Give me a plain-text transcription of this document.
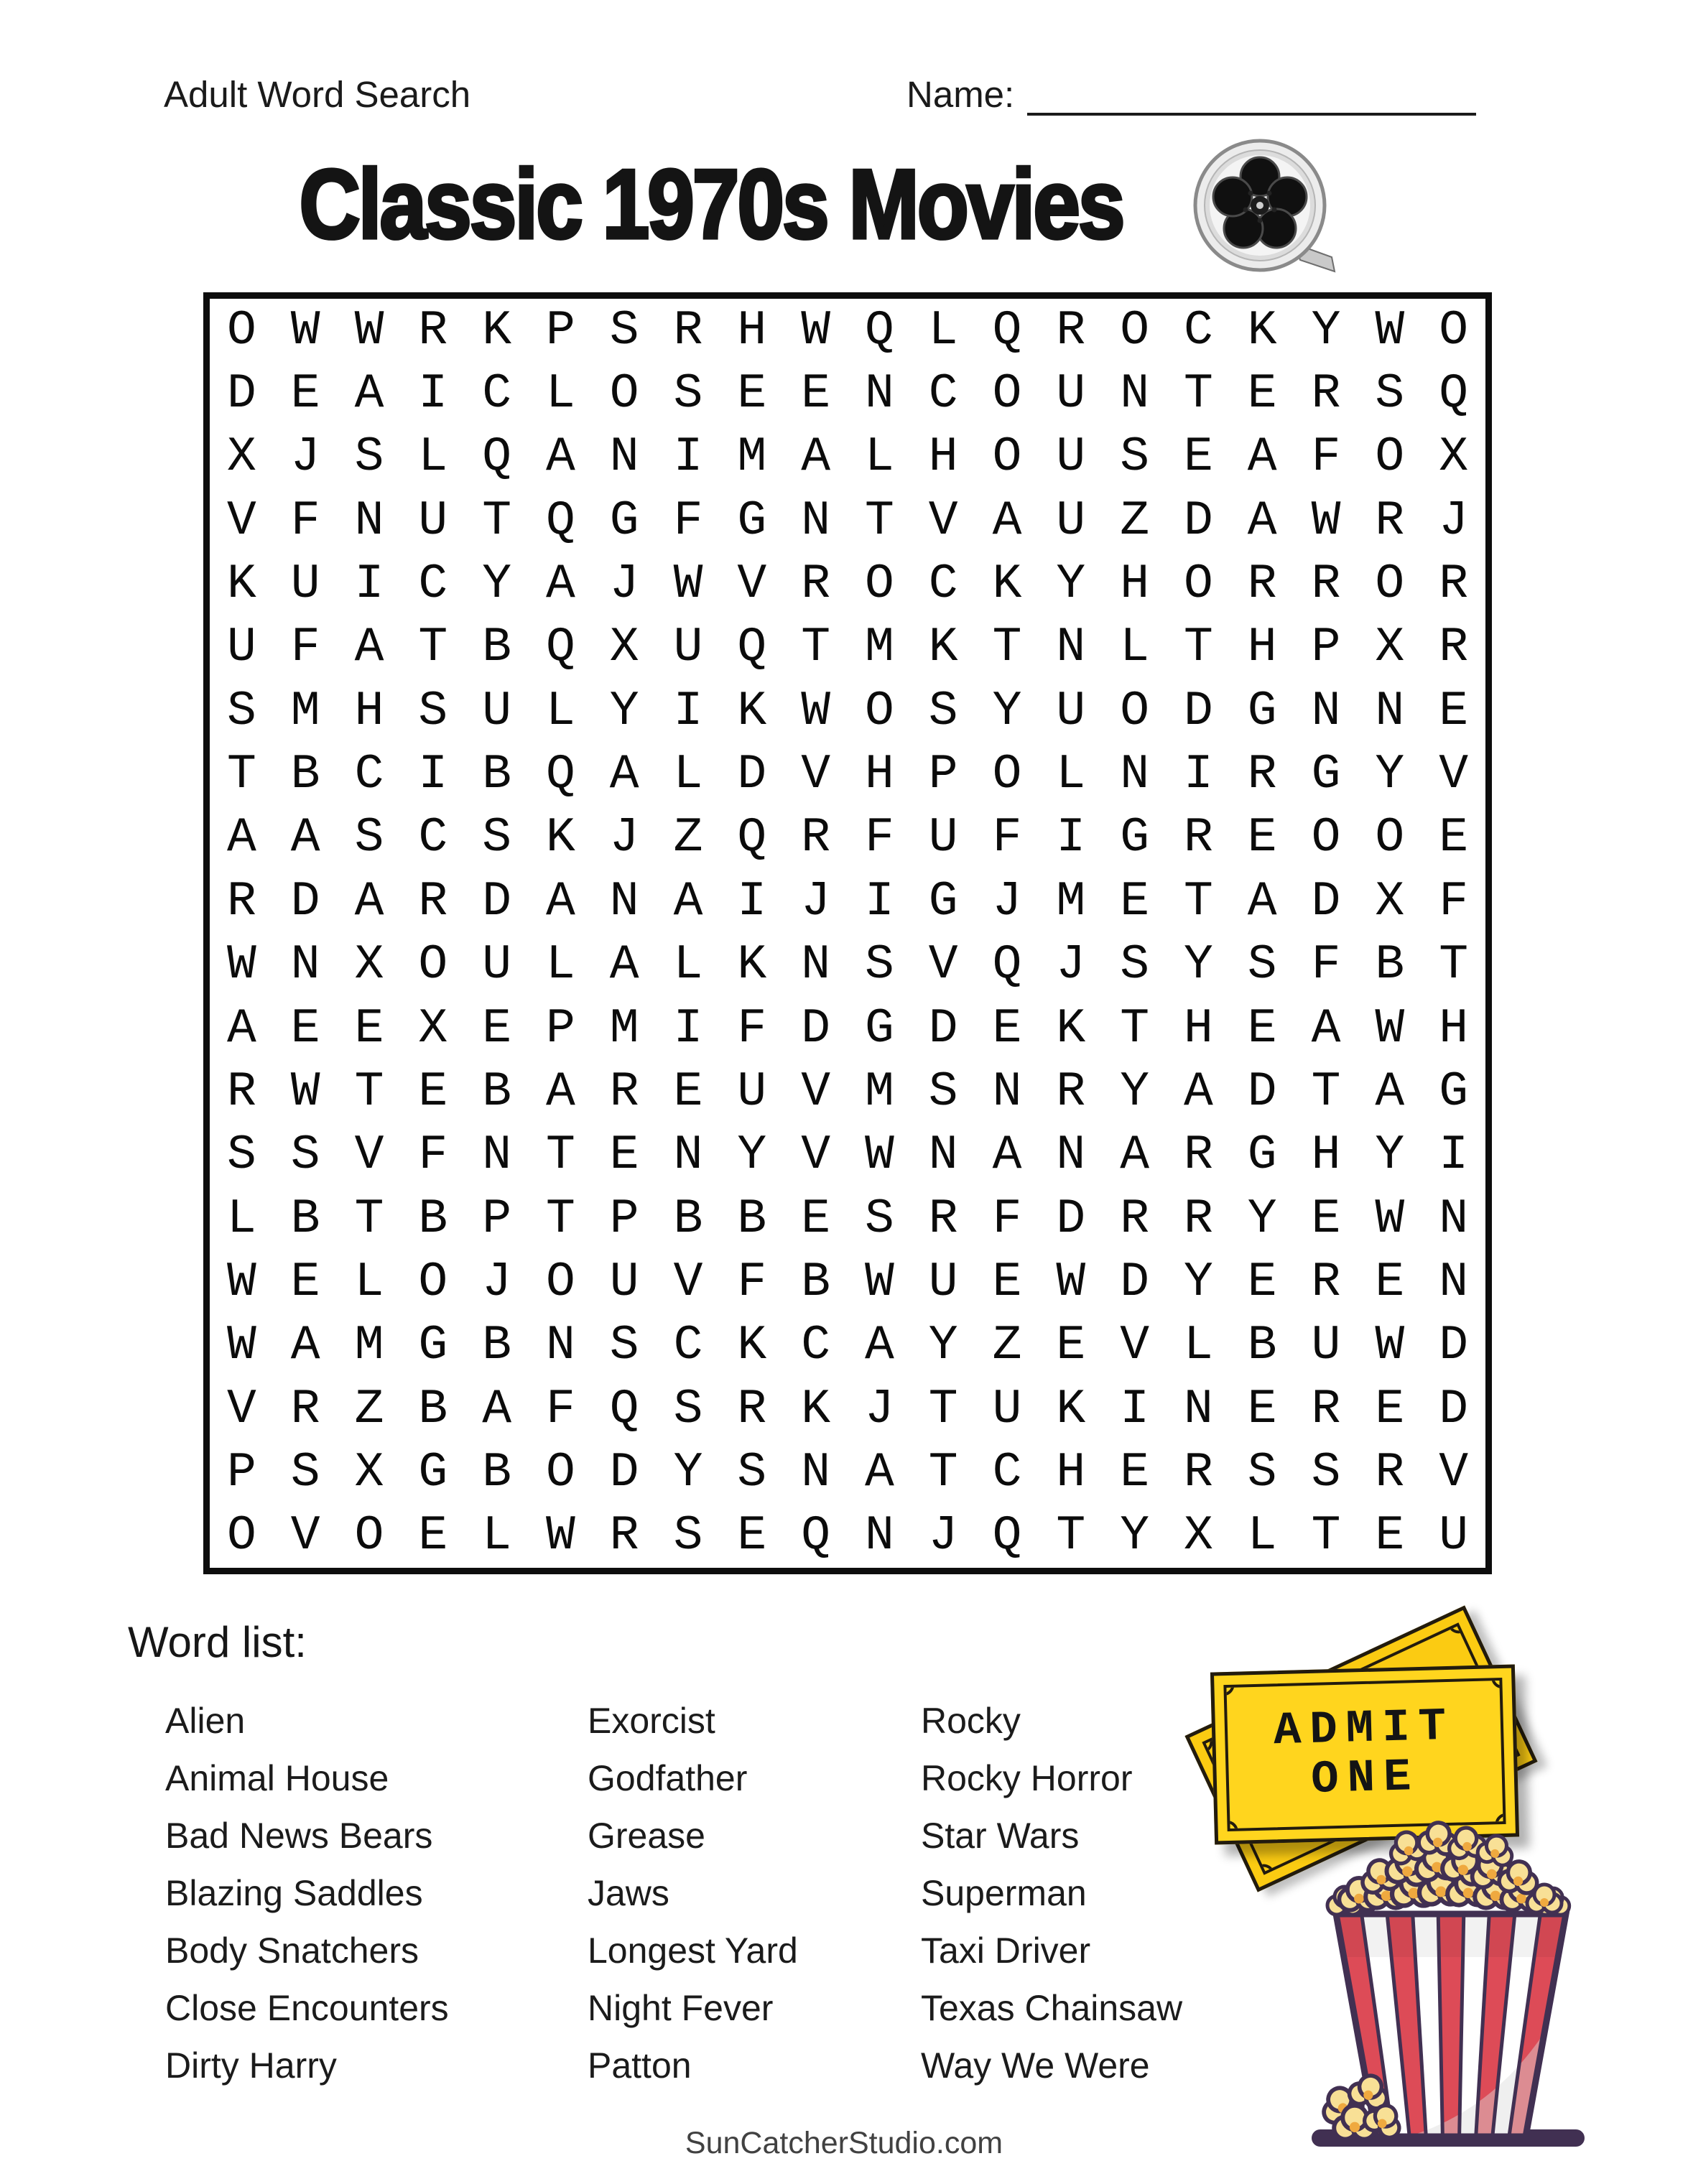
Adult Word Search	Name:
Classic 1970s Movies
O W W R K P S R H W Q L Q R O C K Y W O
D E A I C L O S E E N C O U N T E R S Q
X J S L Q A N I M A L H O U S E A F O X
V F N U T Q G F G N T V A U Z D A W R J
K U I C Y A J W V R O C K Y H O R R O R
U F A T B Q X U Q T M K T N L T H P X R
S M H S U L Y I K W O S Y U O D G N N E
T B C I B Q A L D V H P O L N I R G Y V
A A S C S K J Z Q R F U F I G R E O O E
R D A R D A N A I J I G J M E T A D X F
W N X O U L A L K N S V Q J S Y S F B T
A E E X E P M I F D G D E K T H E A W H
R W T E B A R E U V M S N R Y A D T A G
S S V F N T E N Y V W N A N A R G H Y I
L B T B P T P B B E S R F D R R Y E W N
W E L O J O U V F B W U E W D Y E R E N
W A M G B N S C K C A Y Z E V L B U W D
V R Z B A F Q S R K J T U K I N E R E D
P S X G B O D Y S N A T C H E R S S R V
O V O E L W R S E Q N J Q T Y X L T E U
Word list:
Alien
Animal House
Bad News Bears
Blazing Saddles
Body Snatchers
Close Encounters
Dirty Harry
Exorcist
Godfather
Grease
Jaws
Longest Yard
Night Fever
Patton
Rocky
Rocky Horror
Star Wars
Superman
Taxi Driver
Texas Chainsaw
Way We Were
ADMIT
ONE
SunCatcherStudio.com
